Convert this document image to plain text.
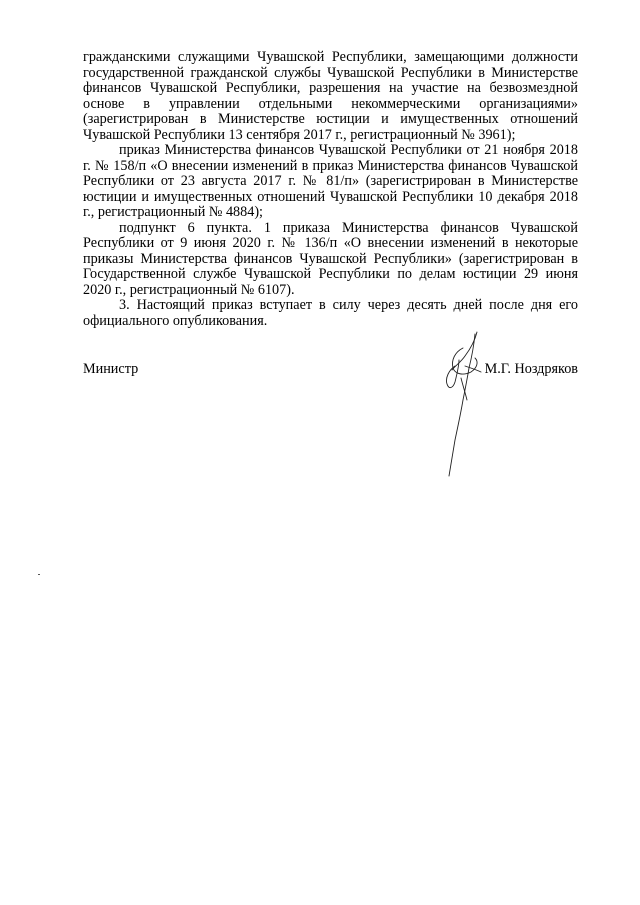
гражданскими служащими Чувашской Республики, замещающими должности государственной гражданской службы Чувашской Республики в Министерстве финансов Чувашской Республики, разрешения на участие на безвозмездной основе в управлении отдельными некоммерческими организациями» (зарегистрирован в Министерстве юстиции и имущественных отношений Чувашской Республики 13 сентября 2017 г., регистрационный № 3961);

приказ Министерства финансов Чувашской Республики от 21 ноября 2018 г. № 158/п «О внесении изменений в приказ Министерства финансов Чувашской Республики от 23 августа 2017 г. № 81/п» (зарегистрирован в Министерстве юстиции и имущественных отношений Чувашской Республики 10 декабря 2018 г., регистрационный № 4884);

подпункт 6 пункта. 1 приказа Министерства финансов Чувашской Республики от 9 июня 2020 г. № 136/п «О внесении изменений в некоторые приказы Министерства финансов Чувашской Республики» (зарегистрирован в Государственной службе Чувашской Республики по делам юстиции 29 июня 2020 г., регистрационный № 6107).

3. Настоящий приказ вступает в силу через десять дней после дня его официального опубликования.

Министр	М.Г. Ноздряков
